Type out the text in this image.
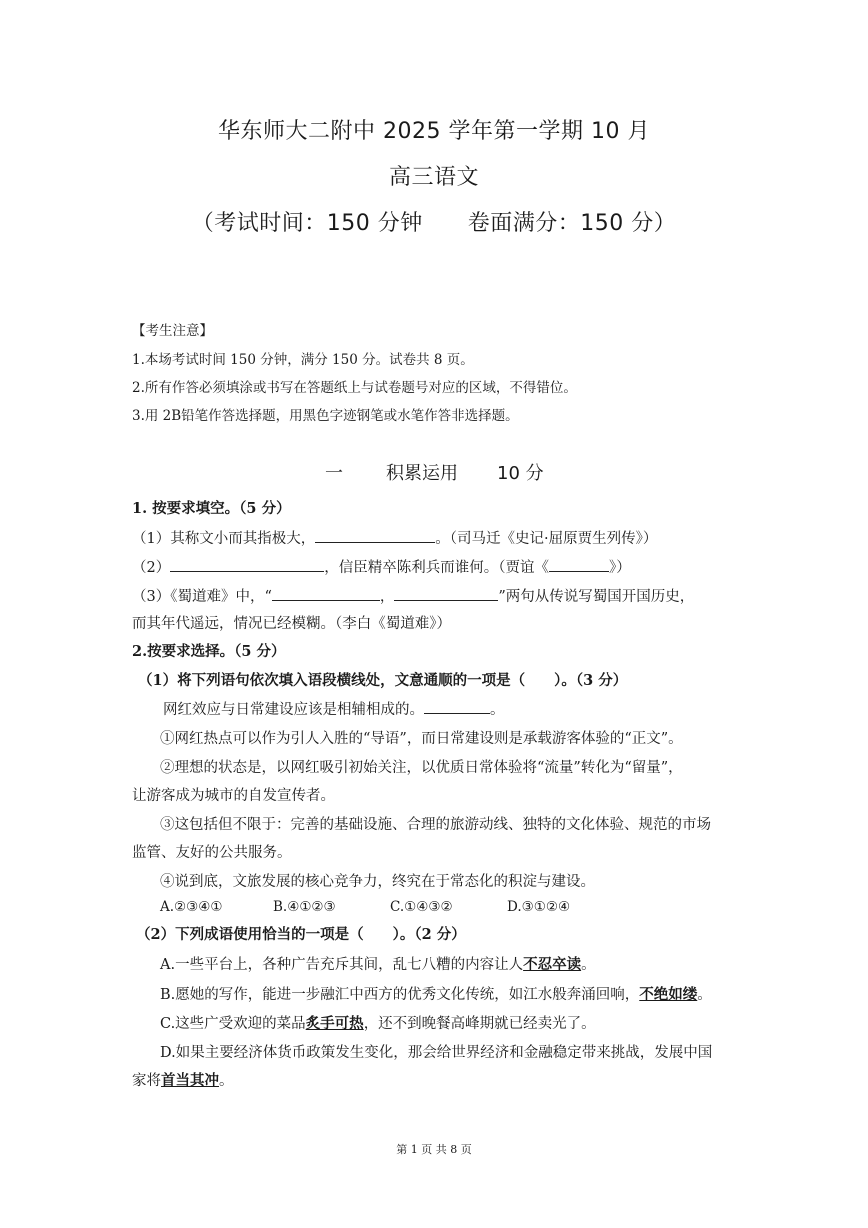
华东师大二附中 2025 学年第一学期 10 月
高三语文
（考试时间：150 分钟　　卷面满分：150 分）
【考生注意】
1.本场考试时间 150 分钟，满分 150 分。试卷共 8 页。
2.所有作答必须填涂或书写在答题纸上与试卷题号对应的区域，不得错位。
3.用 2B铅笔作答选择题，用黑色字迹钢笔或水笔作答非选择题。
一 积累运用 10 分
1. 按要求填空。（5 分）
（1）其称文小而其指极大，	。（司马迁《史记·屈原贾生列传》）
（2）	，信臣精卒陈利兵而谁何。（贾谊《	》）
（3）《蜀道难》中，“	，	”两句从传说写蜀国开国历史，
而其年代遥远，情况已经模糊。（李白《蜀道难》）
2.按要求选择。（5 分）
（1）将下列语句依次填入语段横线处，文意通顺的一项是（　　）。（3 分）
网红效应与日常建设应该是相辅相成的。	。
①网红热点可以作为引人入胜的“导语”，而日常建设则是承载游客体验的“正文”。
②理想的状态是，以网红吸引初始关注，以优质日常体验将“流量”转化为“留量”，
让游客成为城市的自发宣传者。
③这包括但不限于：完善的基础设施、合理的旅游动线、独特的文化体验、规范的市场
监管、友好的公共服务。
④说到底，文旅发展的核心竞争力，终究在于常态化的积淀与建设。
A.②③④①	B.④①②③	C.①④③②	D.③①②④
（2）下列成语使用恰当的一项是（　　）。（2 分）
A.一些平台上，各种广告充斥其间，乱七八糟的内容让人不忍卒读。
B.愿她的写作，能进一步融汇中西方的优秀文化传统，如江水般奔涌回响，不绝如缕。
C.这些广受欢迎的菜品炙手可热，还不到晚餐高峰期就已经卖光了。
D.如果主要经济体货币政策发生变化，那会给世界经济和金融稳定带来挑战，发展中国
家将首当其冲。
第 1 页 共 8 页
